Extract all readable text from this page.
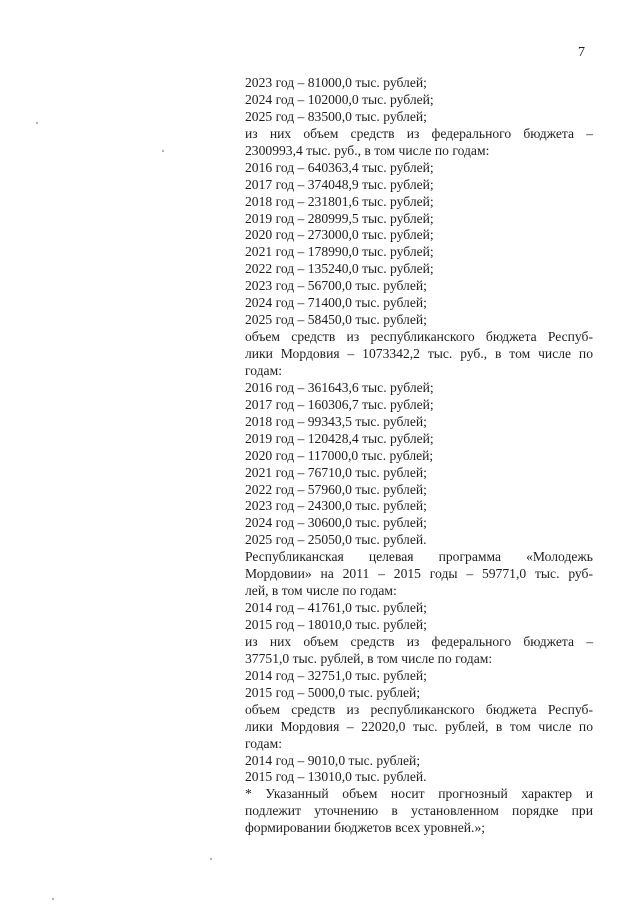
7
2023 год – 81000,0 тыс. рублей;
2024 год – 102000,0 тыс. рублей;
2025 год – 83500,0 тыс. рублей;
из них объем средств из федерального бюджета –
2300993,4 тыс. руб., в том числе по годам:
2016 год – 640363,4 тыс. рублей;
2017 год – 374048,9 тыс. рублей;
2018 год – 231801,6 тыс. рублей;
2019 год – 280999,5 тыс. рублей;
2020 год – 273000,0 тыс. рублей;
2021 год – 178990,0 тыс. рублей;
2022 год – 135240,0 тыс. рублей;
2023 год – 56700,0 тыс. рублей;
2024 год – 71400,0 тыс. рублей;
2025 год – 58450,0 тыс. рублей;
объем средств из республиканского бюджета Респуб-
лики Мордовия – 1073342,2 тыс. руб., в том числе по
годам:
2016 год – 361643,6 тыс. рублей;
2017 год – 160306,7 тыс. рублей;
2018 год – 99343,5 тыс. рублей;
2019 год – 120428,4 тыс. рублей;
2020 год – 117000,0 тыс. рублей;
2021 год – 76710,0 тыс. рублей;
2022 год – 57960,0 тыс. рублей;
2023 год – 24300,0 тыс. рублей;
2024 год – 30600,0 тыс. рублей;
2025 год – 25050,0 тыс. рублей.
Республиканская целевая программа «Молодежь
Мордовии» на 2011 – 2015 годы – 59771,0 тыс. руб-
лей, в том числе по годам:
2014 год – 41761,0 тыс. рублей;
2015 год – 18010,0 тыс. рублей;
из них объем средств из федерального бюджета –
37751,0 тыс. рублей, в том числе по годам:
2014 год – 32751,0 тыс. рублей;
2015 год – 5000,0 тыс. рублей;
объем средств из республиканского бюджета Респуб-
лики Мордовия – 22020,0 тыс. рублей, в том числе по
годам:
2014 год – 9010,0 тыс. рублей;
2015 год – 13010,0 тыс. рублей.
* Указанный объем носит прогнозный характер и
подлежит уточнению в установленном порядке при
формировании бюджетов всех уровней.»;
